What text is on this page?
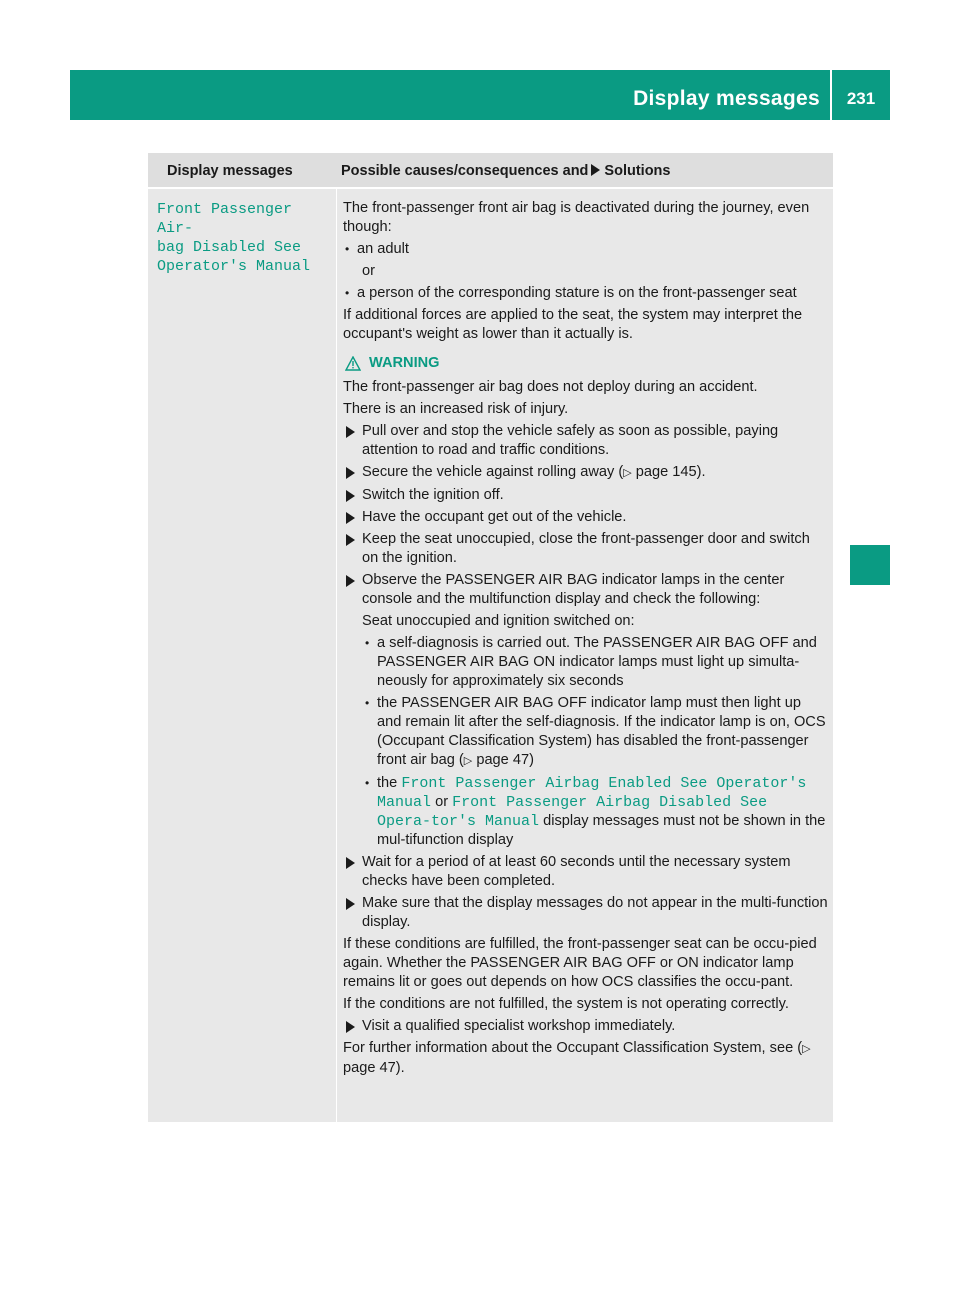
Display messages	231
Display messages	Possible causes/consequences and Solutions
Front Passenger Air‐
bag Disabled See
Operator's Manual

The front-passenger front air bag is deactivated during the journey, even though:

• an adult
or
• a person of the corresponding stature is on the front-passenger seat

If additional forces are applied to the seat, the system may interpret the occupant's weight as lower than it actually is.

WARNING

The front-passenger air bag does not deploy during an accident.

There is an increased risk of injury.

Pull over and stop the vehicle safely as soon as possible, paying attention to road and traffic conditions.
Secure the vehicle against rolling away (▷ page 145).
Switch the ignition off.
Have the occupant get out of the vehicle.
Keep the seat unoccupied, close the front-passenger door and switch on the ignition.
Observe the PASSENGER AIR BAG indicator lamps in the center console and the multifunction display and check the following:
Seat unoccupied and ignition switched on:
• a self-diagnosis is carried out. The PASSENGER AIR BAG OFF and PASSENGER AIR BAG ON indicator lamps must light up simulta-neously for approximately six seconds
• the PASSENGER AIR BAG OFF indicator lamp must then light up and remain lit after the self-diagnosis. If the indicator lamp is on, OCS (Occupant Classification System) has disabled the front-passenger front air bag (▷ page 47)
• the Front Passenger Airbag Enabled See Operator's Manual or Front Passenger Airbag Disabled See Opera‐tor's Manual display messages must not be shown in the mul-tifunction display
Wait for a period of at least 60 seconds until the necessary system checks have been completed.
Make sure that the display messages do not appear in the multi-function display.

If these conditions are fulfilled, the front-passenger seat can be occu-pied again. Whether the PASSENGER AIR BAG OFF or ON indicator lamp remains lit or goes out depends on how OCS classifies the occu-pant.

If the conditions are not fulfilled, the system is not operating correctly.

Visit a qualified specialist workshop immediately.

For further information about the Occupant Classification System, see (▷ page 47).
